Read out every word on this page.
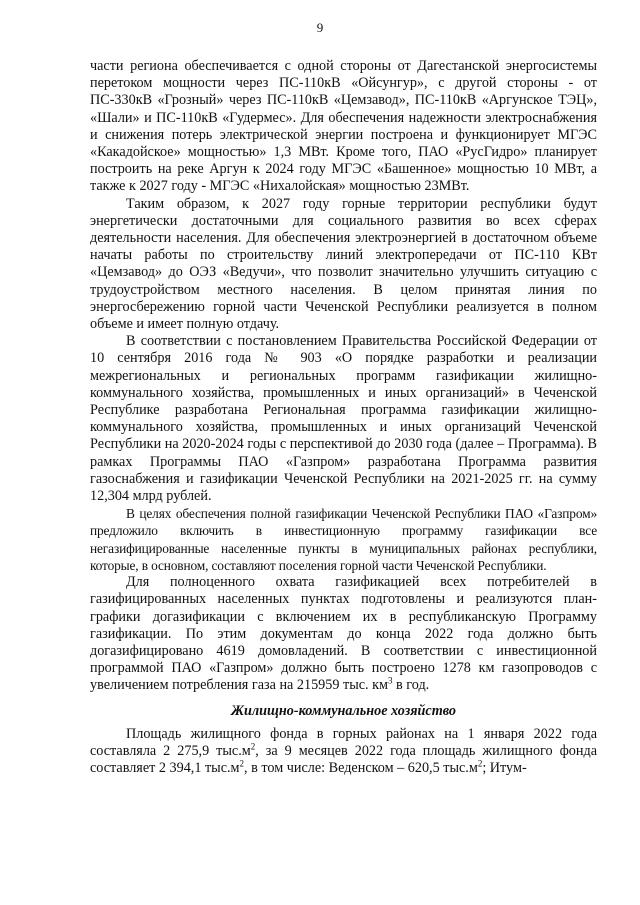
9

части региона обеспечивается с одной стороны от Дагестанской энергосистемы перетоком мощности через ПС-110кВ «Ойсунгур», с другой стороны - от ПС-330кВ «Грозный» через ПС-110кВ «Цемзавод», ПС-110кВ «Аргунское ТЭЦ», «Шали» и ПС-110кВ «Гудермес». Для обеспечения надежности электроснабжения и снижения потерь электрической энергии построена и функционирует МГЭС «Какадойское» мощностью» 1,3 МВт. Кроме того, ПАО «РусГидро» планирует построить на реке Аргун к 2024 году МГЭС «Башенное» мощностью 10 МВт, а также к 2027 году - МГЭС «Нихалойская» мощностью 23МВт.

Таким образом, к 2027 году горные территории республики будут энергетически достаточными для социального развития во всех сферах деятельности населения. Для обеспечения электроэнергией в достаточном объеме начаты работы по строительству линий электропередачи от ПС-110 КВт «Цемзавод» до ОЭЗ «Ведучи», что позволит значительно улучшить ситуацию с трудоустройством местного населения. В целом принятая линия по энергосбережению горной части Чеченской Республики реализуется в полном объеме и имеет полную отдачу.

В соответствии с постановлением Правительства Российской Федерации от 10 сентября 2016 года № 903 «О порядке разработки и реализации межрегиональных и региональных программ газификации жилищно-коммунального хозяйства, промышленных и иных организаций» в Чеченской Республике разработана Региональная программа газификации жилищно-коммунального хозяйства, промышленных и иных организаций Чеченской Республики на 2020-2024 годы с перспективой до 2030 года (далее – Программа). В рамках Программы ПАО «Газпром» разработана Программа развития газоснабжения и газификации Чеченской Республики на 2021-2025 гг. на сумму 12,304 млрд рублей.

В целях обеспечения полной газификации Чеченской Республики ПАО «Газпром» предложило включить в инвестиционную программу газификации все негазифицированные населенные пункты в муниципальных районах республики, которые, в основном, составляют поселения горной части Чеченской Республики.

Для полноценного охвата газификацией всех потребителей в газифицированных населенных пунктах подготовлены и реализуются план-графики догазификации с включением их в республиканскую Программу газификации. По этим документам до конца 2022 года должно быть догазифицировано 4619 домовладений. В соответствии с инвестиционной программой ПАО «Газпром» должно быть построено 1278 км газопроводов с увеличением потребления газа на 215959 тыс. $км^3$ в год.

Жилищно-коммунальное хозяйство

Площадь жилищного фонда в горных районах на 1 января 2022 года составляла 2 275,9 $тыс.м^2$, за 9 месяцев 2022 года площадь жилищного фонда составляет 2 394,1 $тыс.м^2$, в том числе: Веденском – 620,5 $тыс.м^2$; Итум-
